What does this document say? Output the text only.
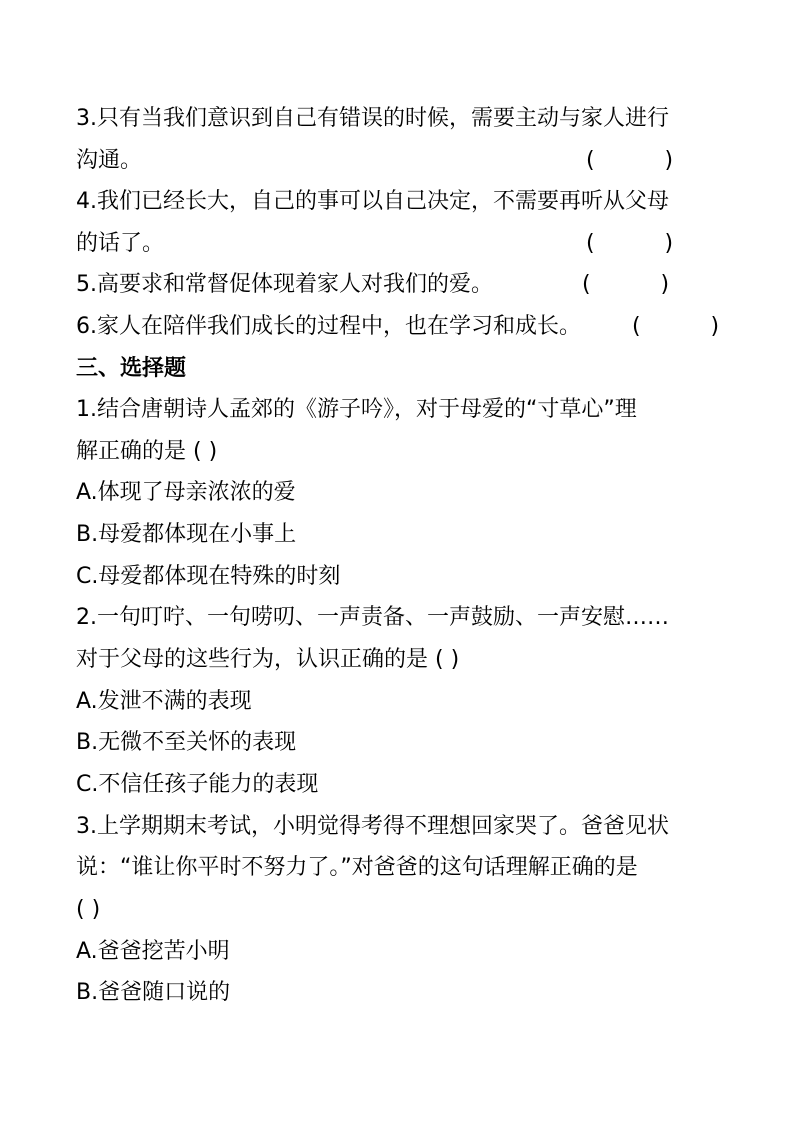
3.只有当我们意识到自己有错误的时候，需要主动与家人进行
沟通。	(          )
4.我们已经长大，自己的事可以自己决定，不需要再听从父母
的话了。	(          )
5.高要求和常督促体现着家人对我们的爱。	(          )
6.家人在陪伴我们成长的过程中，也在学习和成长。 (          )
三、选择题
1.结合唐朝诗人孟郊的《游子吟》，对于母爱的“寸草心”理
解正确的是 ( )
A.体现了母亲浓浓的爱
B.母爱都体现在小事上
C.母爱都体现在特殊的时刻
2.一句叮咛、一句唠叨、一声责备、一声鼓励、一声安慰……
对于父母的这些行为，认识正确的是 ( )
A.发泄不满的表现
B.无微不至关怀的表现
C.不信任孩子能力的表现
3.上学期期末考试，小明觉得考得不理想回家哭了。爸爸见状
说：“谁让你平时不努力了。”对爸爸的这句话理解正确的是
( )
A.爸爸挖苦小明
B.爸爸随口说的
